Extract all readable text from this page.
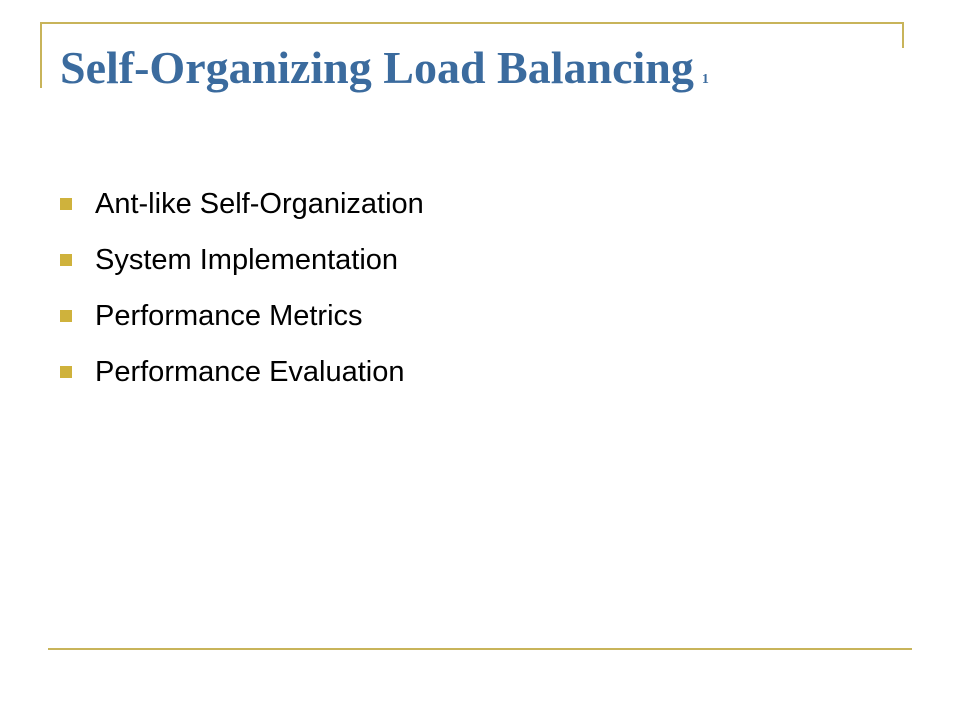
Self-Organizing Load Balancing 1
Ant-like Self-Organization
System Implementation
Performance Metrics
Performance Evaluation
